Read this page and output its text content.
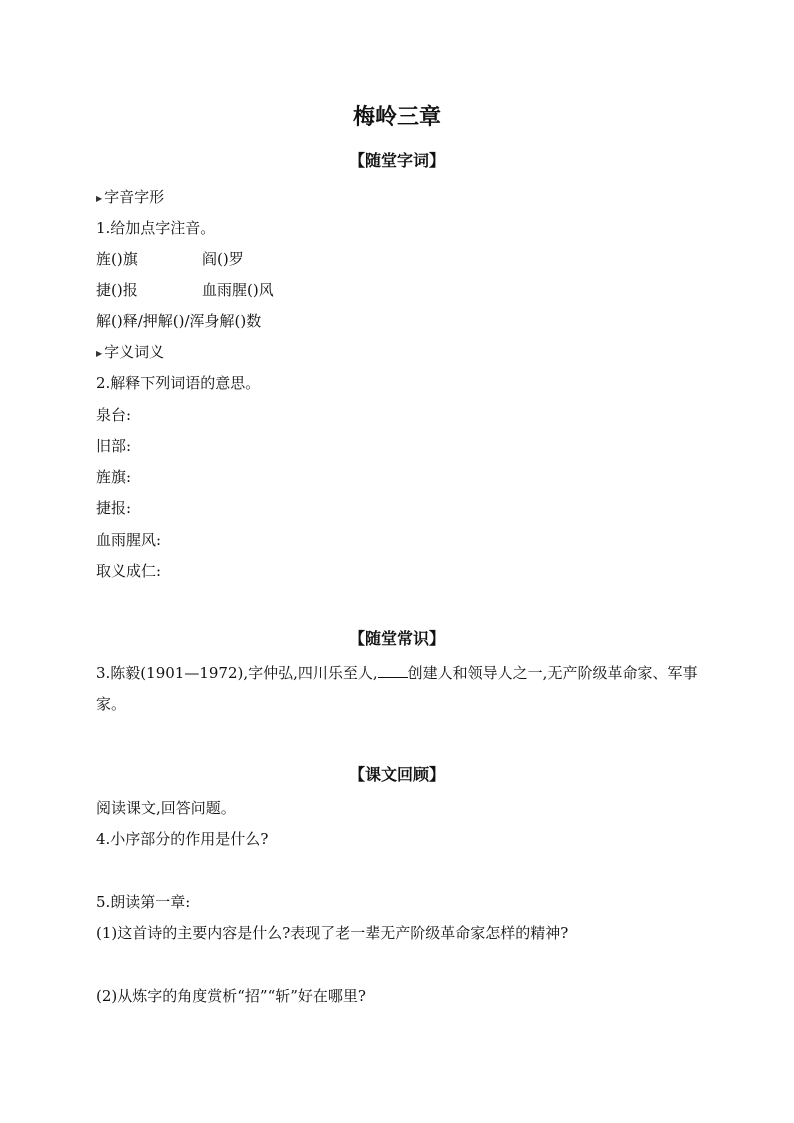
梅岭三章
【随堂字词】
▶ 字音字形
1.给加点字注音。
旌()旗	阎()罗
捷()报	血雨腥()风
解()释/押解()/浑身解()数
▶ 字义词义
2.解释下列词语的意思。
泉台:
旧部:
旌旗:
捷报:
血雨腥风:
取义成仁:
【随堂常识】
3.陈毅(1901—1972),字仲弘,四川乐至人, 创建人和领导人之一,无产阶级革命家、军事家。
【课文回顾】
阅读课文,回答问题。
4.小序部分的作用是什么?
5.朗读第一章:
(1)这首诗的主要内容是什么?表现了老一辈无产阶级革命家怎样的精神?
(2)从炼字的角度赏析“招”“斩”好在哪里?
